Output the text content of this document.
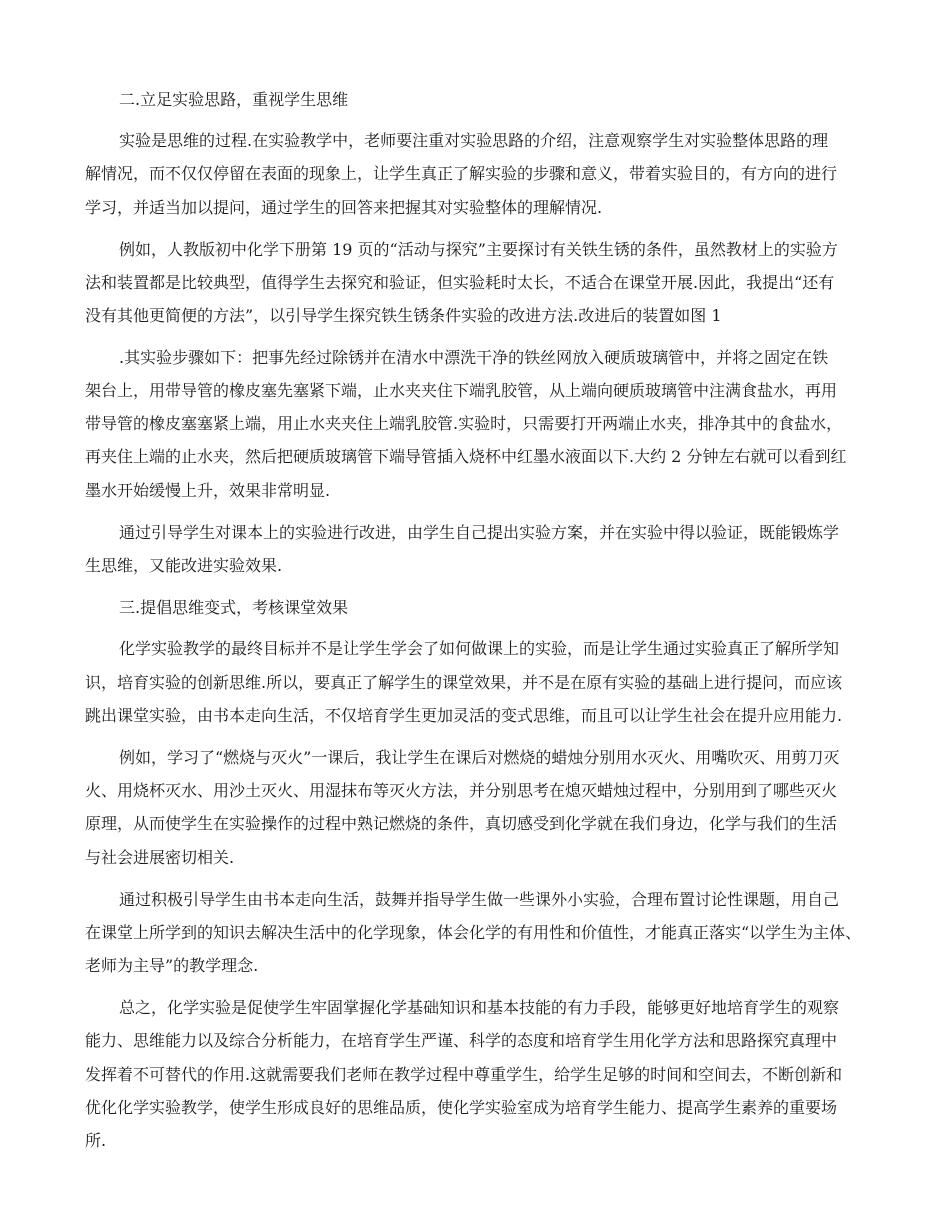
二.立足实验思路，重视学生思维
实验是思维的过程.在实验教学中，老师要注重对实验思路的介绍，注意观察学生对实验整体思路的理
解情况，而不仅仅停留在表面的现象上，让学生真正了解实验的步骤和意义，带着实验目的，有方向的进行
学习，并适当加以提问，通过学生的回答来把握其对实验整体的理解情况.
例如，人教版初中化学下册第 19 页的“活动与探究”主要探讨有关铁生锈的条件，虽然教材上的实验方
法和装置都是比较典型，值得学生去探究和验证，但实验耗时太长，不适合在课堂开展.因此，我提出“还有
没有其他更简便的方法”，以引导学生探究铁生锈条件实验的改进方法.改进后的装置如图 1
.其实验步骤如下：把事先经过除锈并在清水中漂洗干净的铁丝网放入硬质玻璃管中，并将之固定在铁
架台上，用带导管的橡皮塞先塞紧下端，止水夹夹住下端乳胶管，从上端向硬质玻璃管中注满食盐水，再用
带导管的橡皮塞塞紧上端，用止水夹夹住上端乳胶管.实验时，只需要打开两端止水夹，排净其中的食盐水，
再夹住上端的止水夹，然后把硬质玻璃管下端导管插入烧杯中红墨水液面以下.大约 2 分钟左右就可以看到红
墨水开始缓慢上升，效果非常明显.
通过引导学生对课本上的实验进行改进，由学生自己提出实验方案，并在实验中得以验证，既能锻炼学
生思维，又能改进实验效果.
三.提倡思维变式，考核课堂效果
化学实验教学的最终目标并不是让学生学会了如何做课上的实验，而是让学生通过实验真正了解所学知
识，培育实验的创新思维.所以，要真正了解学生的课堂效果，并不是在原有实验的基础上进行提问，而应该
跳出课堂实验，由书本走向生活，不仅培育学生更加灵活的变式思维，而且可以让学生社会在提升应用能力.
例如，学习了“燃烧与灭火”一课后，我让学生在课后对燃烧的蜡烛分别用水灭火、用嘴吹灭、用剪刀灭
火、用烧杯灭水、用沙土灭火、用湿抹布等灭火方法，并分别思考在熄灭蜡烛过程中，分别用到了哪些灭火
原理，从而使学生在实验操作的过程中熟记燃烧的条件，真切感受到化学就在我们身边，化学与我们的生活
与社会进展密切相关.
通过积极引导学生由书本走向生活，鼓舞并指导学生做一些课外小实验，合理布置讨论性课题，用自己
在课堂上所学到的知识去解决生活中的化学现象，体会化学的有用性和价值性，才能真正落实“以学生为主体、
老师为主导”的教学理念.
总之，化学实验是促使学生牢固掌握化学基础知识和基本技能的有力手段，能够更好地培育学生的观察
能力、思维能力以及综合分析能力，在培育学生严谨、科学的态度和培育学生用化学方法和思路探究真理中
发挥着不可替代的作用.这就需要我们老师在教学过程中尊重学生，给学生足够的时间和空间去，不断创新和
优化化学实验教学，使学生形成良好的思维品质，使化学实验室成为培育学生能力、提高学生素养的重要场
所.
